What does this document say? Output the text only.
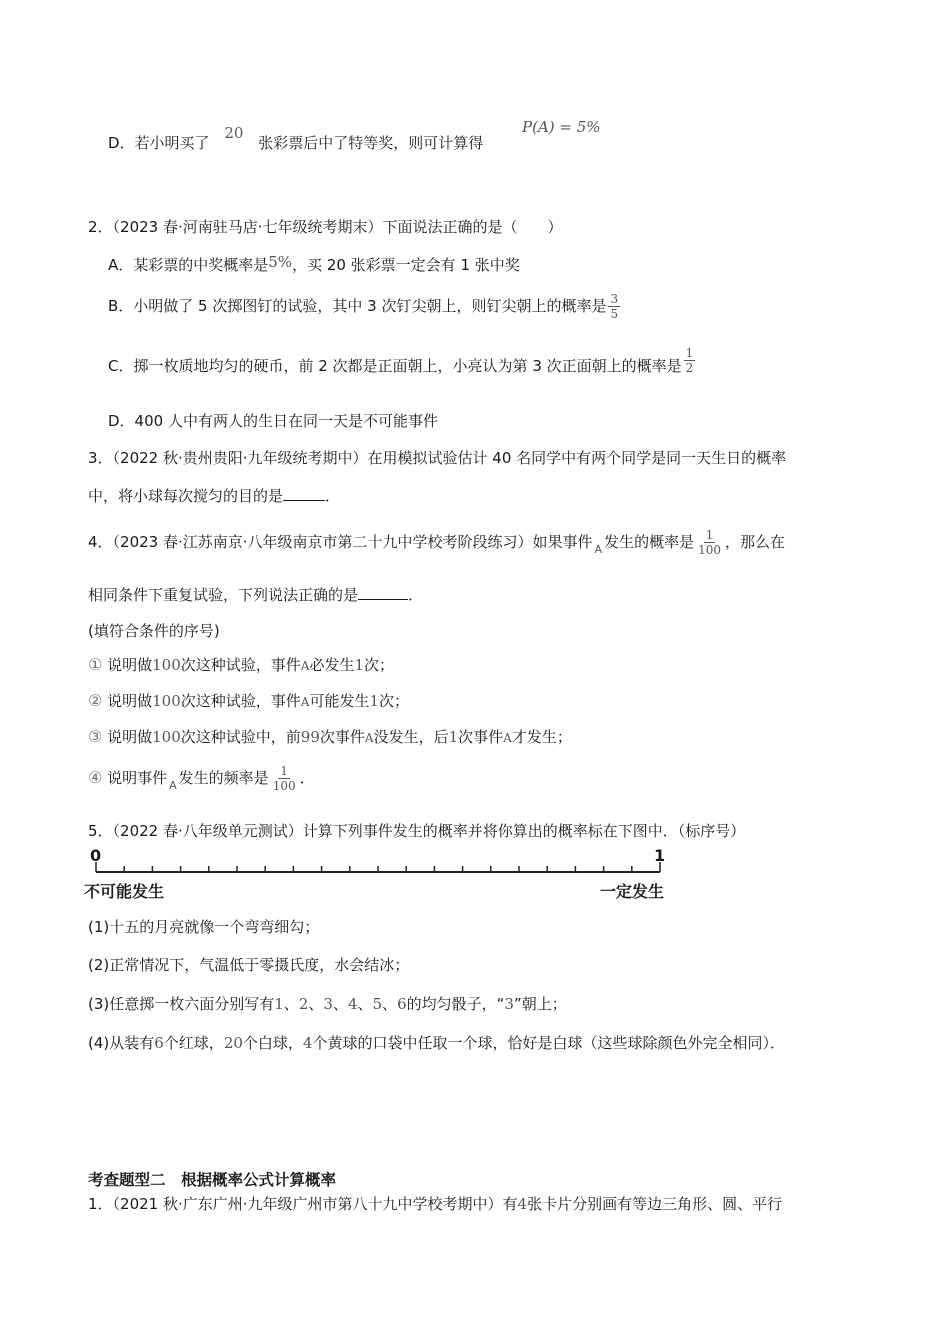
D．若小明买了 20 张彩票后中了特等奖，则可计算得
P(A) = 5%
2．（2023 春·河南驻马店·七年级统考期末）下面说法正确的是（　　）
A．某彩票的中奖概率是5%，买 20 张彩票一定会有 1 张中奖
B．小明做了 5 次掷图钉的试验，其中 3 次钉尖朝上，则钉尖朝上的概率是 $\frac{3}{5}$
C．掷一枚质地均匀的硬币，前 2 次都是正面朝上，小亮认为第 3 次正面朝上的概率是 $\frac{1}{2}$
D．400 人中有两人的生日在同一天是不可能事件
3．（2022 秋·贵州贵阳·九年级统考期中）在用模拟试验估计 40 名同学中有两个同学是同一天生日的概率
中，将小球每次搅匀的目的是	．
4．（2023 春·江苏南京·八年级南京市第二十九中学校考阶段练习）如果事件 $_A$ 发生的概率是 $\frac{1}{100}$ ，那么在
相同条件下重复试验，下列说法正确的是	．
(填符合条件的序号)
① 说明做100次这种试验，事件A必发生1次；
② 说明做100次这种试验，事件A可能发生1次；
③ 说明做100次这种试验中，前99次事件A没发生，后1次事件A才发生；
④ 说明事件 $_A$ 发生的频率是 $\frac{1}{100}$ ．
5．（2022 春·八年级单元测试）计算下列事件发生的概率并将你算出的概率标在下图中．（标序号）
0	1
不可能发生	一定发生
(1)十五的月亮就像一个弯弯细勾；
(2)正常情况下，气温低于零摄氏度，水会结冰；
(3)任意掷一枚六面分别写有1、2、3、4、5、6的均匀骰子，“3”朝上；
(4)从装有6个红球，20个白球，4个黄球的口袋中任取一个球，恰好是白球（这些球除颜色外完全相同）．
考查题型二　根据概率公式计算概率
1．（2021 秋·广东广州·九年级广州市第八十九中学校考期中）有4张卡片分别画有等边三角形、圆、平行
